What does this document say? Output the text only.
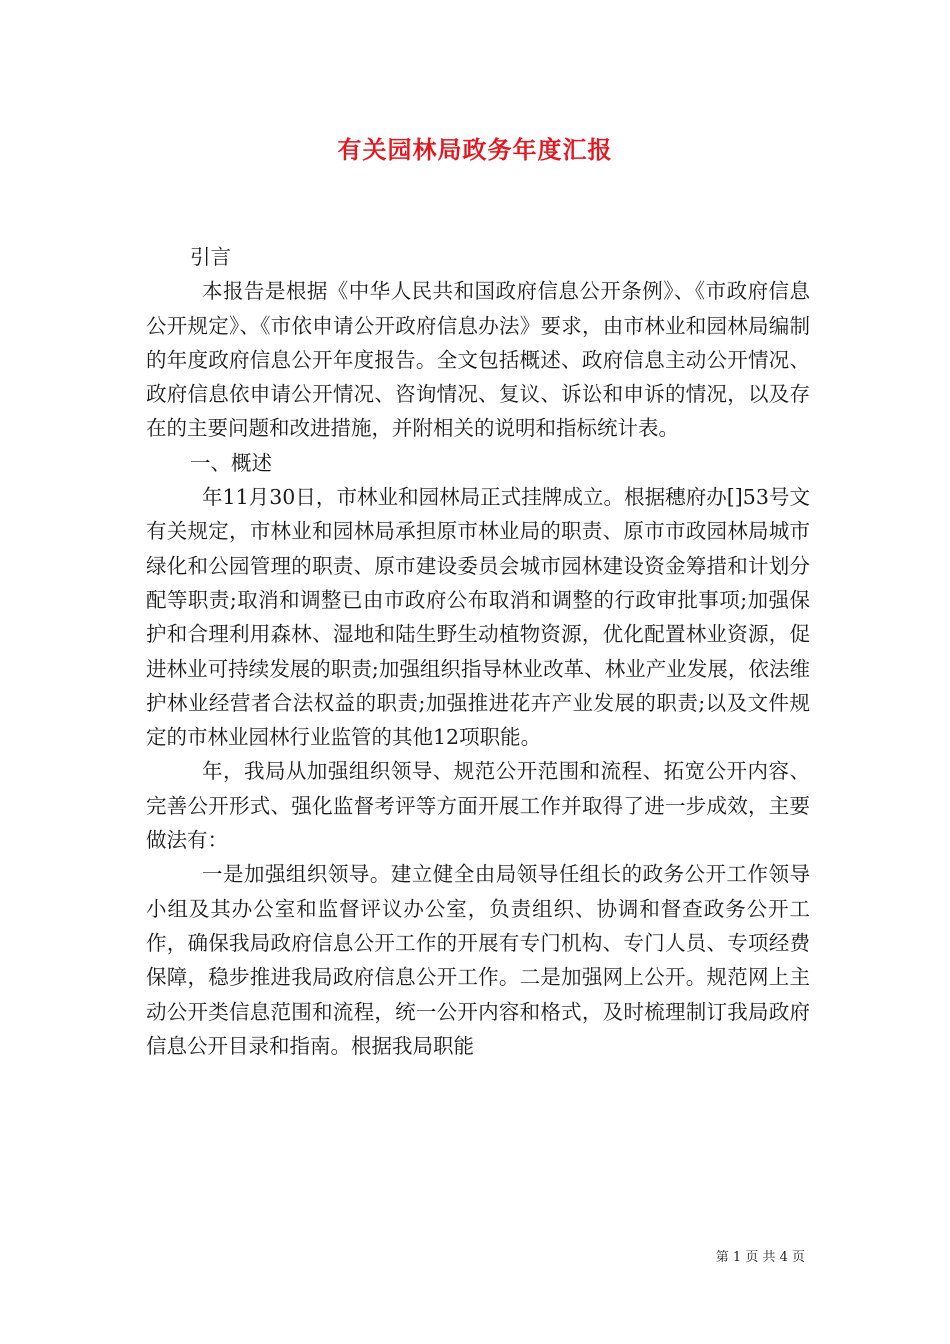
有关园林局政务年度汇报

引言

本报告是根据《中华人民共和国政府信息公开条例》、《市政府信息公开规定》、《市依申请公开政府信息办法》要求，由市林业和园林局编制的年度政府信息公开年度报告。全文包括概述、政府信息主动公开情况、政府信息依申请公开情况、咨询情况、复议、诉讼和申诉的情况，以及存在的主要问题和改进措施，并附相关的说明和指标统计表。

一、概述

年11月30日，市林业和园林局正式挂牌成立。根据穗府办[]53号文有关规定，市林业和园林局承担原市林业局的职责、原市市政园林局城市绿化和公园管理的职责、原市建设委员会城市园林建设资金筹措和计划分配等职责;取消和调整已由市政府公布取消和调整的行政审批事项;加强保护和合理利用森林、湿地和陆生野生动植物资源，优化配置林业资源，促进林业可持续发展的职责;加强组织指导林业改革、林业产业发展，依法维护林业经营者合法权益的职责;加强推进花卉产业发展的职责;以及文件规定的市林业园林行业监管的其他12项职能。

年，我局从加强组织领导、规范公开范围和流程、拓宽公开内容、完善公开形式、强化监督考评等方面开展工作并取得了进一步成效，主要做法有：

一是加强组织领导。建立健全由局领导任组长的政务公开工作领导小组及其办公室和监督评议办公室，负责组织、协调和督查政务公开工作，确保我局政府信息公开工作的开展有专门机构、专门人员、专项经费保障，稳步推进我局政府信息公开工作。二是加强网上公开。规范网上主动公开类信息范围和流程，统一公开内容和格式，及时梳理制订我局政府信息公开目录和指南。根据我局职能

第 1 页 共 4 页
